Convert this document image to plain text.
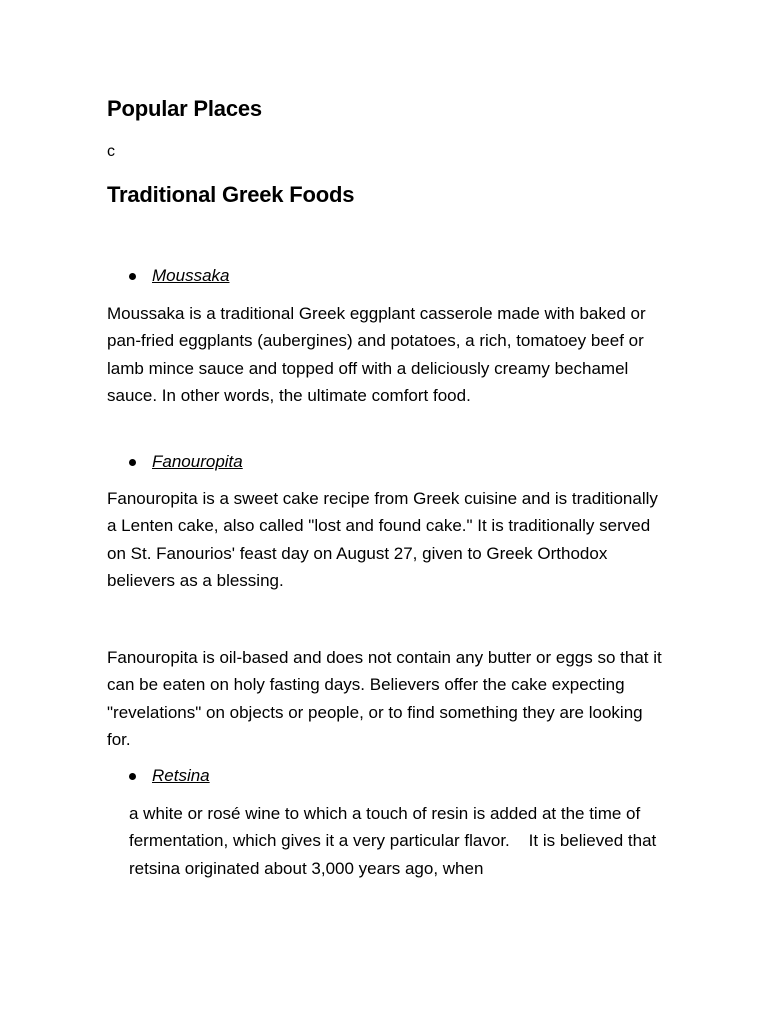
Popular Places
c
Traditional Greek Foods
Moussaka

Moussaka is a traditional Greek eggplant casserole made with baked or pan-fried eggplants (aubergines) and potatoes, a rich, tomatoey beef or lamb mince sauce and topped off with a deliciously creamy bechamel sauce. In other words, the ultimate comfort food.

Fanouropita

Fanouropita is a sweet cake recipe from Greek cuisine and is traditionally a Lenten cake, also called "lost and found cake." It is traditionally served on St. Fanourios' feast day on August 27, given to Greek Orthodox believers as a blessing.

Fanouropita is oil-based and does not contain any butter or eggs so that it can be eaten on holy fasting days. Believers offer the cake expecting "revelations" on objects or people, or to find something they are looking for.

Retsina

a white or rosé wine to which a touch of resin is added at the time of fermentation, which gives it a very particular flavor.    It is believed that retsina originated about 3,000 years ago, when
